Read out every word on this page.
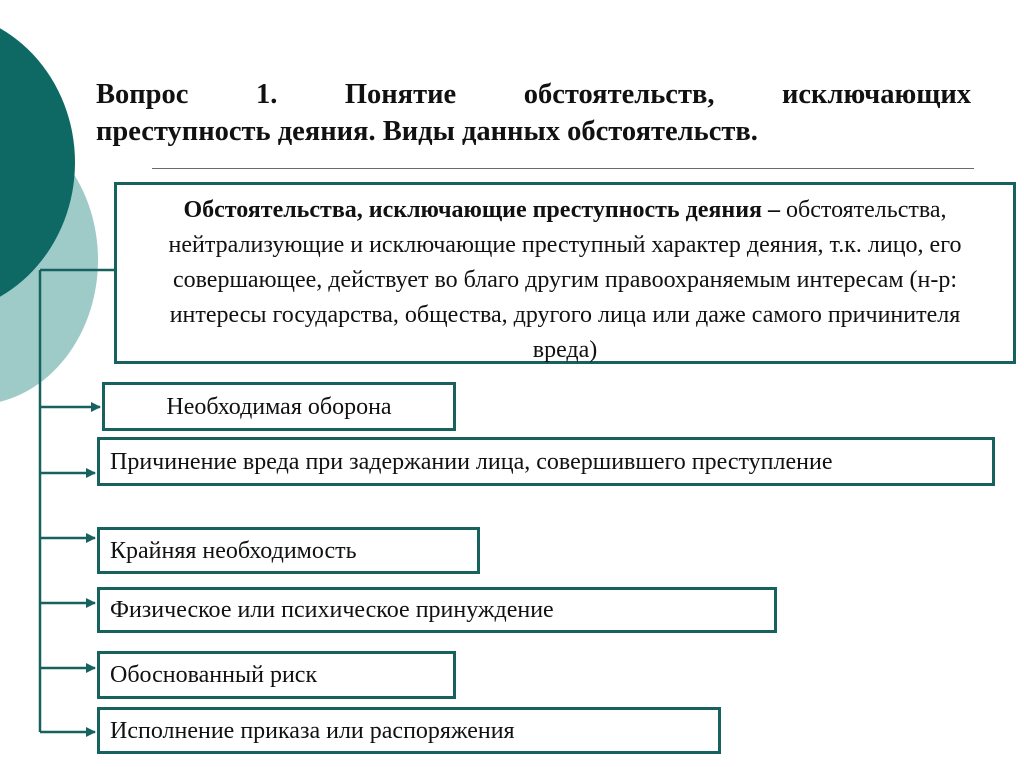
Вопрос 1. Понятие обстоятельств, исключающих
преступность деяния. Виды данных обстоятельств.
Обстоятельства, исключающие преступность деяния – обстоятельства, нейтрализующие и исключающие преступный характер деяния, т.к. лицо, его совершающее, действует во благо другим правоохраняемым интересам (н-р: интересы государства, общества, другого лица или даже самого причинителя вреда)
Необходимая оборона
Причинение вреда при задержании лица, совершившего преступление
Крайняя необходимость
Физическое или психическое принуждение
Обоснованный риск
Исполнение приказа или распоряжения
